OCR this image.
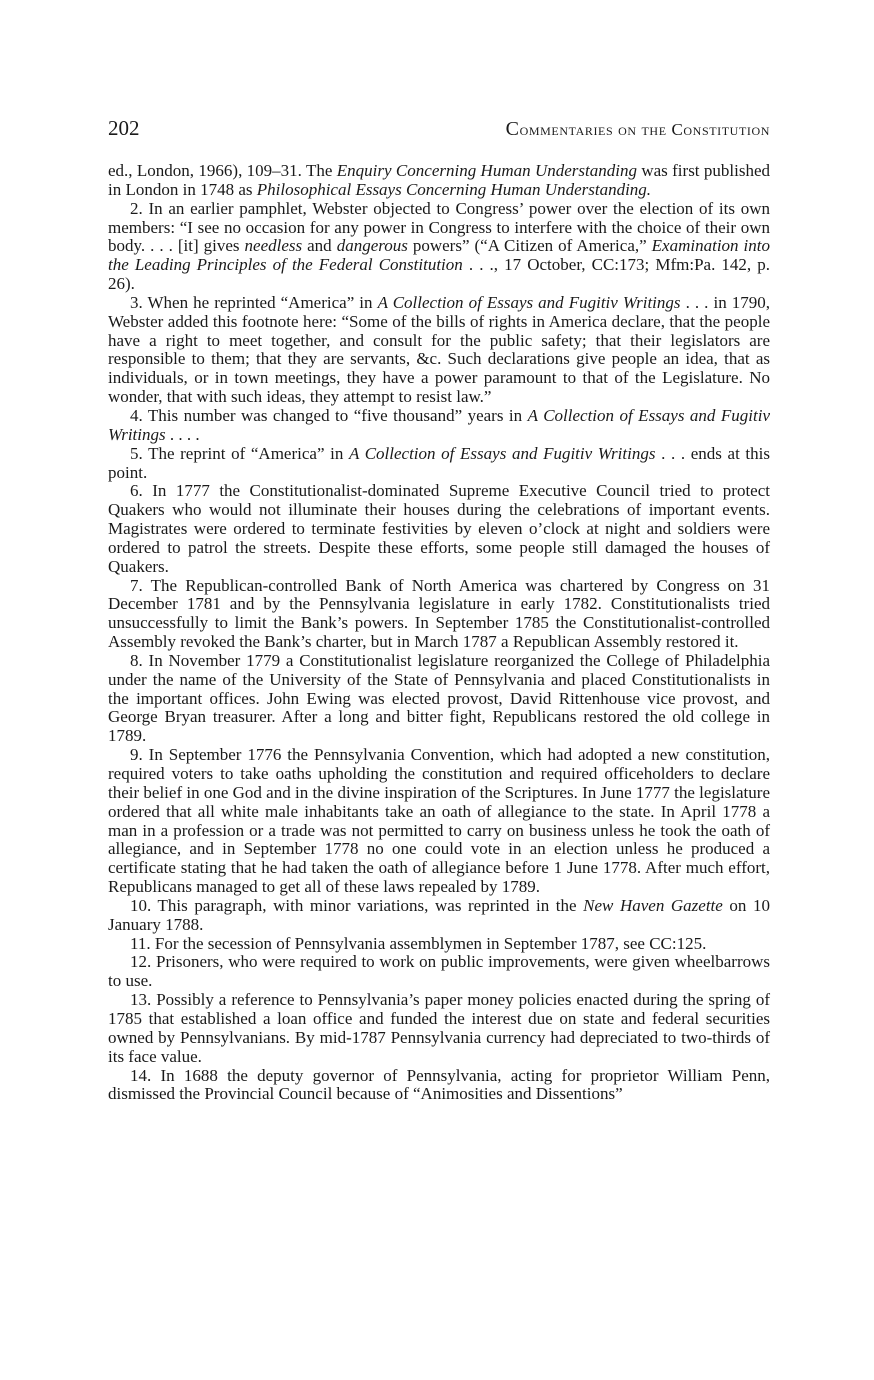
202	Commentaries on the Constitution

ed., London, 1966), 109–31. The Enquiry Concerning Human Understanding was first published in London in 1748 as Philosophical Essays Concerning Human Understanding.

2. In an earlier pamphlet, Webster objected to Congress’ power over the election of its own members: “I see no occasion for any power in Congress to interfere with the choice of their own body. . . . [it] gives needless and dangerous powers” (“A Citizen of America,” Examination into the Leading Principles of the Federal Constitution . . ., 17 October, CC:173; Mfm:Pa. 142, p. 26).

3. When he reprinted “America” in A Collection of Essays and Fugitiv Writings . . . in 1790, Webster added this footnote here: “Some of the bills of rights in America declare, that the people have a right to meet together, and consult for the public safety; that their legislators are responsible to them; that they are servants, &c. Such declarations give people an idea, that as individuals, or in town meetings, they have a power paramount to that of the Legislature. No wonder, that with such ideas, they attempt to resist law.”

4. This number was changed to “five thousand” years in A Collection of Essays and Fugitiv Writings . . . .

5. The reprint of “America” in A Collection of Essays and Fugitiv Writings . . . ends at this point.

6. In 1777 the Constitutionalist-dominated Supreme Executive Council tried to protect Quakers who would not illuminate their houses during the celebrations of important events. Magistrates were ordered to terminate festivities by eleven o’clock at night and soldiers were ordered to patrol the streets. Despite these efforts, some people still damaged the houses of Quakers.

7. The Republican-controlled Bank of North America was chartered by Congress on 31 December 1781 and by the Pennsylvania legislature in early 1782. Constitutionalists tried unsuccessfully to limit the Bank’s powers. In September 1785 the Constitutionalist-controlled Assembly revoked the Bank’s charter, but in March 1787 a Republican Assembly restored it.

8. In November 1779 a Constitutionalist legislature reorganized the College of Philadelphia under the name of the University of the State of Pennsylvania and placed Constitutionalists in the important offices. John Ewing was elected provost, David Rittenhouse vice provost, and George Bryan treasurer. After a long and bitter fight, Republicans restored the old college in 1789.

9. In September 1776 the Pennsylvania Convention, which had adopted a new constitution, required voters to take oaths upholding the constitution and required officeholders to declare their belief in one God and in the divine inspiration of the Scriptures. In June 1777 the legislature ordered that all white male inhabitants take an oath of allegiance to the state. In April 1778 a man in a profession or a trade was not permitted to carry on business unless he took the oath of allegiance, and in September 1778 no one could vote in an election unless he produced a certificate stating that he had taken the oath of allegiance before 1 June 1778. After much effort, Republicans managed to get all of these laws repealed by 1789.

10. This paragraph, with minor variations, was reprinted in the New Haven Gazette on 10 January 1788.

11. For the secession of Pennsylvania assemblymen in September 1787, see CC:125.

12. Prisoners, who were required to work on public improvements, were given wheelbarrows to use.

13. Possibly a reference to Pennsylvania’s paper money policies enacted during the spring of 1785 that established a loan office and funded the interest due on state and federal securities owned by Pennsylvanians. By mid-1787 Pennsylvania currency had depreciated to two-thirds of its face value.

14. In 1688 the deputy governor of Pennsylvania, acting for proprietor William Penn, dismissed the Provincial Council because of “Animosities and Dissentions”
